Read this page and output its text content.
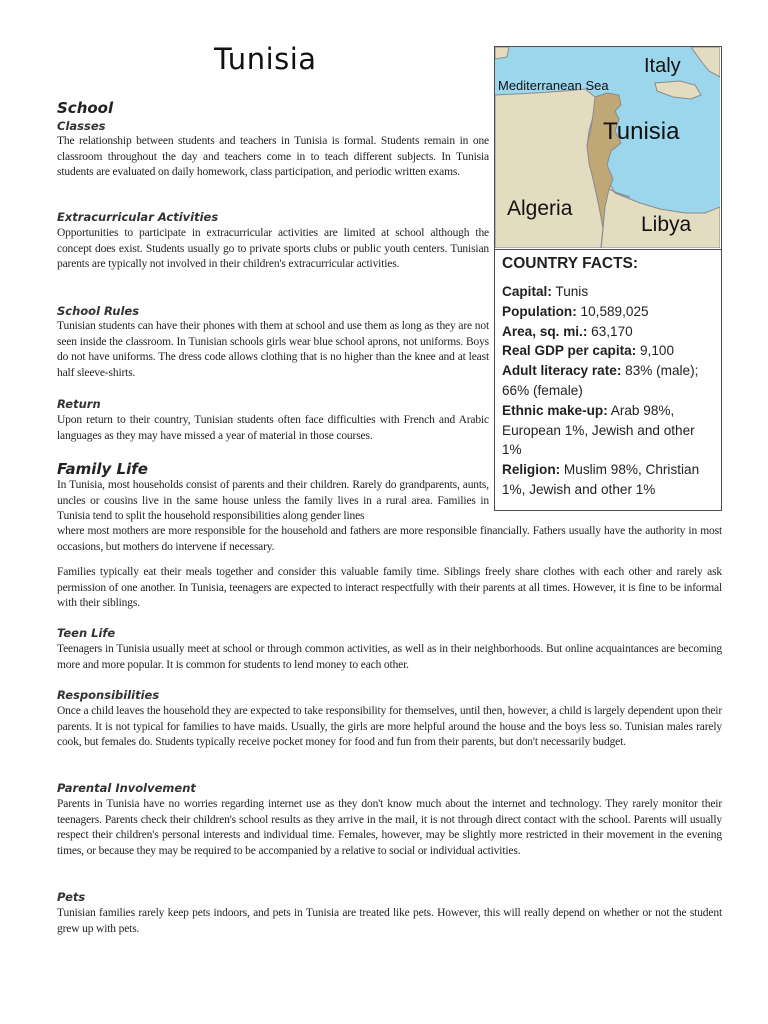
Tunisia	Italy
Mediterranean Sea
Tunisia
Algeria
Libya
COUNTRY FACTS:

Capital: Tunis

Population: 10,589,025

Area, sq. mi.: 63,170

Real GDP per capita: 9,100

Adult literacy rate: 83% (male); 66% (female)

Ethnic make-up: Arab 98%, European 1%, Jewish and other 1%

Religion: Muslim 98%, Christian 1%, Jewish and other 1%

School
Classes

The relationship between students and teachers in Tunisia is formal. Students remain in one classroom throughout the day and teachers come in to teach different subjects. In Tunisia students are evaluated on daily homework, class participation, and periodic written exams.

Extracurricular Activities

Opportunities to participate in extracurricular activities are limited at school although the concept does exist. Students usually go to private sports clubs or public youth centers. Tunisian parents are typically not involved in their children's extracurricular activities.

School Rules

Tunisian students can have their phones with them at school and use them as long as they are not seen inside the classroom. In Tunisian schools girls wear blue school aprons, not uniforms. Boys do not have uniforms. The dress code allows clothing that is no higher than the knee and at least half sleeve-shirts.

Return

Upon return to their country, Tunisian students often face difficulties with French and Arabic languages as they may have missed a year of material in those courses.

Family Life

In Tunisia, most households consist of parents and their children. Rarely do grandparents, aunts, uncles or cousins live in the same house unless the family lives in a rural area. Families in Tunisia tend to split the household responsibilities along gender lines

where most mothers are more responsible for the household and fathers are more responsible financially. Fathers usually have the authority in most occasions, but mothers do intervene if necessary.

Families typically eat their meals together and consider this valuable family time. Siblings freely share clothes with each other and rarely ask permission of one another. In Tunisia, teenagers are expected to interact respectfully with their parents at all times. However, it is fine to be informal with their siblings.

Teen Life

Teenagers in Tunisia usually meet at school or through common activities, as well as in their neighborhoods. But online acquaintances are becoming more and more popular. It is common for students to lend money to each other.

Responsibilities

Once a child leaves the household they are expected to take responsibility for themselves, until then, however, a child is largely dependent upon their parents. It is not typical for families to have maids. Usually, the girls are more helpful around the house and the boys less so. Tunisian males rarely cook, but females do. Students typically receive pocket money for food and fun from their parents, but don't necessarily budget.

Parental Involvement

Parents in Tunisia have no worries regarding internet use as they don't know much about the internet and technology. They rarely monitor their teenagers. Parents check their children's school results as they arrive in the mail, it is not through direct contact with the school. Parents will usually respect their children's personal interests and individual time. Females, however, may be slightly more restricted in their movement in the evening times, or because they may be required to be accompanied by a relative to social or individual activities.

Pets

Tunisian families rarely keep pets indoors, and pets in Tunisia are treated like pets. However, this will really depend on whether or not the student grew up with pets.
